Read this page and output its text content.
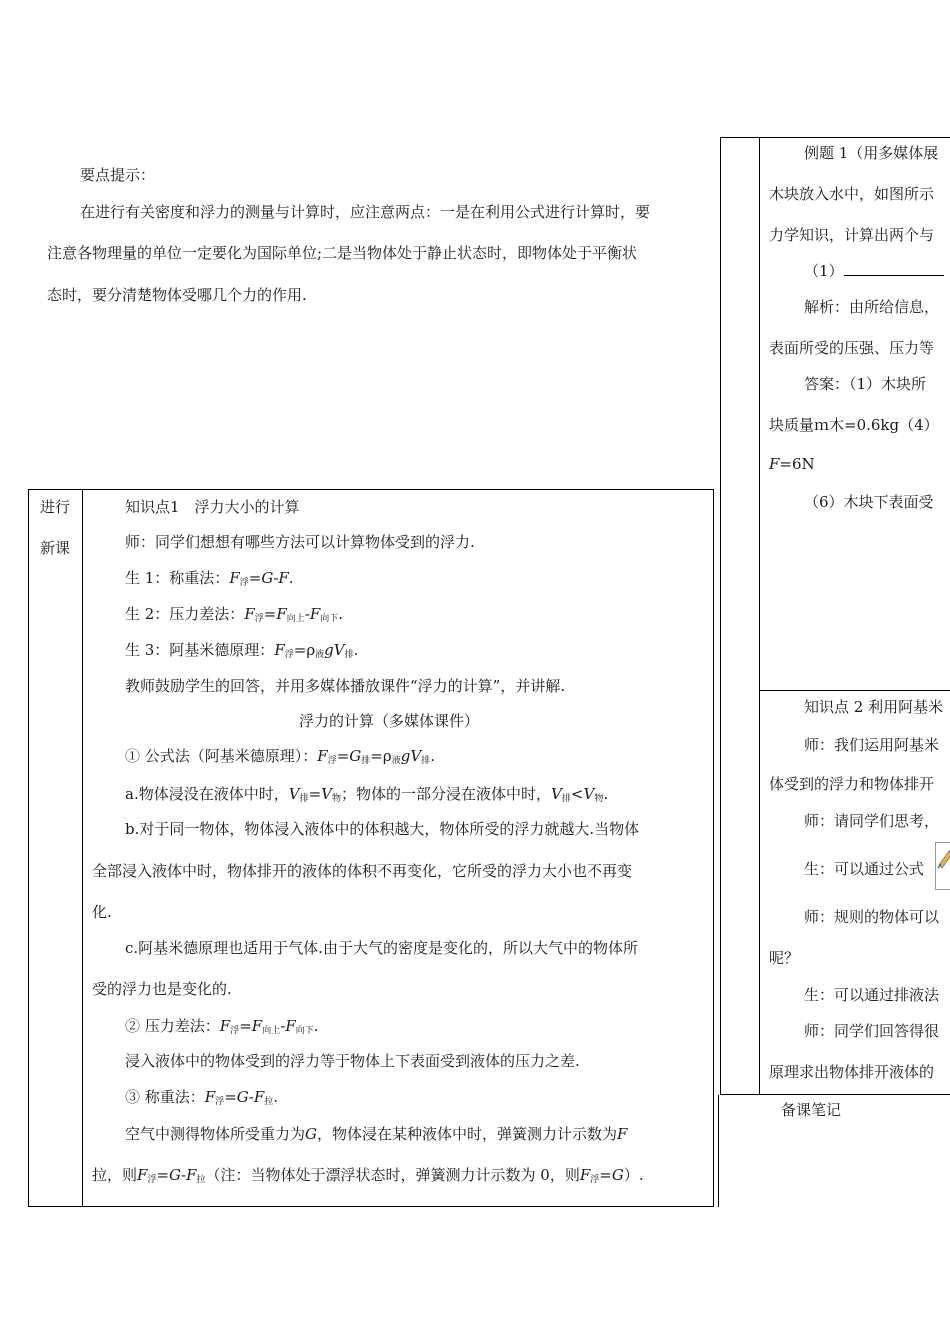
要点提示：
在进行有关密度和浮力的测量与计算时，应注意两点：一是在利用公式进行计算时，要
注意各物理量的单位一定要化为国际单位;二是当物体处于静止状态时，即物体处于平衡状
态时，要分清楚物体受哪几个力的作用.
进行
新课
知识点1　浮力大小的计算
师：同学们想想有哪些方法可以计算物体受到的浮力.
生 1：称重法：$F_浮=G-F$.
生 2：压力差法：$F_浮=F_{向上}-F_{向下}$.
生 3：阿基米德原理：$F_浮=\rho_液gV_排$.
教师鼓励学生的回答，并用多媒体播放课件“浮力的计算”，并讲解.
浮力的计算（多媒体课件）
① 公式法（阿基米德原理）：$F_浮=G_排=\rho_液gV_排$.
a.物体浸没在液体中时，$V_排=V_物$；物体的一部分浸在液体中时，$V_排<V_物$.
b.对于同一物体，物体浸入液体中的体积越大，物体所受的浮力就越大.当物体
全部浸入液体中时，物体排开的液体的体积不再变化，它所受的浮力大小也不再变
化.
c.阿基米德原理也适用于气体.由于大气的密度是变化的，所以大气中的物体所
受的浮力也是变化的.
② 压力差法：$F_浮=F_{向上}-F_{向下}$.
浸入液体中的物体受到的浮力等于物体上下表面受到液体的压力之差.
③ 称重法：$F_浮=G-F_拉$.
空气中测得物体所受重力为G，物体浸在某种液体中时，弹簧测力计示数为F
拉，则$F_浮=G-F_拉$（注：当物体处于漂浮状态时，弹簧测力计示数为 0，则$F_浮=G$）.
例题 1（用多媒体展
木块放入水中，如图所示
力学知识，计算出两个与
（1）
解析：由所给信息，
表面所受的压强、压力等
答案：（1）木块所
块质量ｍ木=0.6kg（4）
F=6N
（6）木块下表面受
知识点 2 利用阿基米
师：我们运用阿基米
体受到的浮力和物体排开
师：请同学们思考，
生：可以通过公式
师：规则的物体可以
呢？
生：可以通过排液法
师：同学们回答得很
原理求出物体排开液体的
备课笔记
